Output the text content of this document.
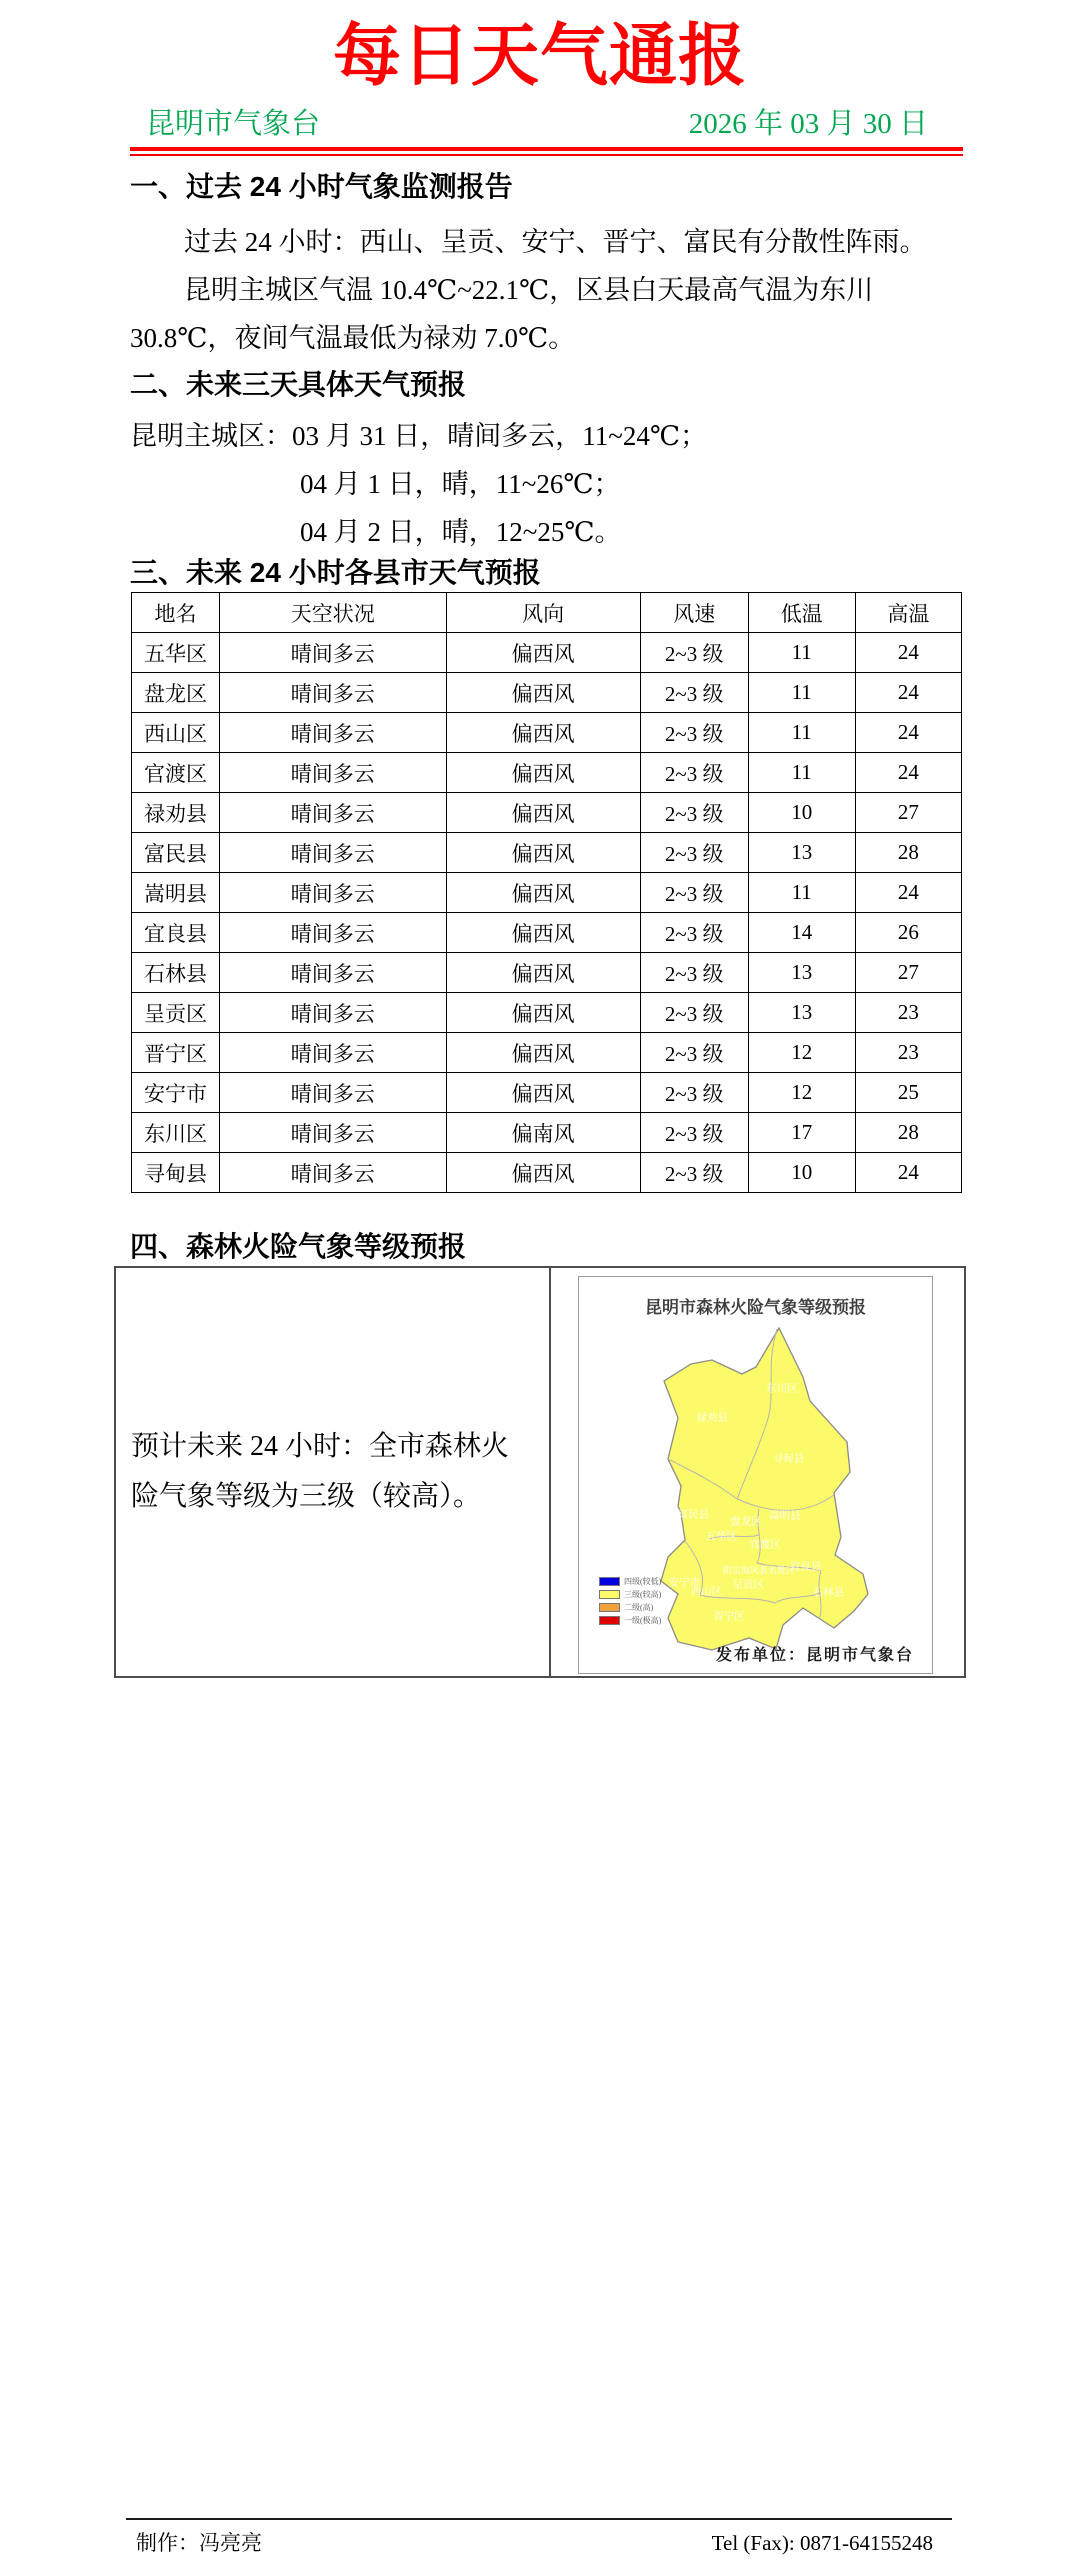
每日天气通报
昆明市气象台	2026 年 03 月 30 日
一、过去 24 小时气象监测报告
过去 24 小时：西山、呈贡、安宁、晋宁、富民有分散性阵雨。
昆明主城区气温 10.4℃~22.1℃，区县白天最高气温为东川
30.8℃，夜间气温最低为禄劝 7.0℃。
二、未来三天具体天气预报
昆明主城区：03 月 31 日，晴间多云，11~24℃；
04 月 1 日，晴，11~26℃；
04 月 2 日，晴，12~25℃。
三、未来 24 小时各县市天气预报
地名	天空状况	风向	风速	低温	高温
五华区	晴间多云	偏西风	2~3 级	11	24
盘龙区	晴间多云	偏西风	2~3 级	11	24
西山区	晴间多云	偏西风	2~3 级	11	24
官渡区	晴间多云	偏西风	2~3 级	11	24
禄劝县	晴间多云	偏西风	2~3 级	10	27
富民县	晴间多云	偏西风	2~3 级	13	28
嵩明县	晴间多云	偏西风	2~3 级	11	24
宜良县	晴间多云	偏西风	2~3 级	14	26
石林县	晴间多云	偏西风	2~3 级	13	27
呈贡区	晴间多云	偏西风	2~3 级	13	23
晋宁区	晴间多云	偏西风	2~3 级	12	23
安宁市	晴间多云	偏西风	2~3 级	12	25
东川区	晴间多云	偏南风	2~3 级	17	28
寻甸县	晴间多云	偏西风	2~3 级	10	24
四、森林火险气象等级预报
预计未来 24 小时：全市森林火
险气象等级为三级（较高）。
昆明市森林火险气象等级预报
东川区
禄劝县
寻甸县
富民县
盘龙区 嵩明县
五华区
官渡区
阳宗海风景名胜区
宜良县
呈贡区
安宁市
西山区	石林县
晋宁区
四级(较低)
三级(较高)
二级(高)
一级(极高)
发布单位：昆明市气象台
制作：冯亮亮	Tel (Fax): 0871-64155248
